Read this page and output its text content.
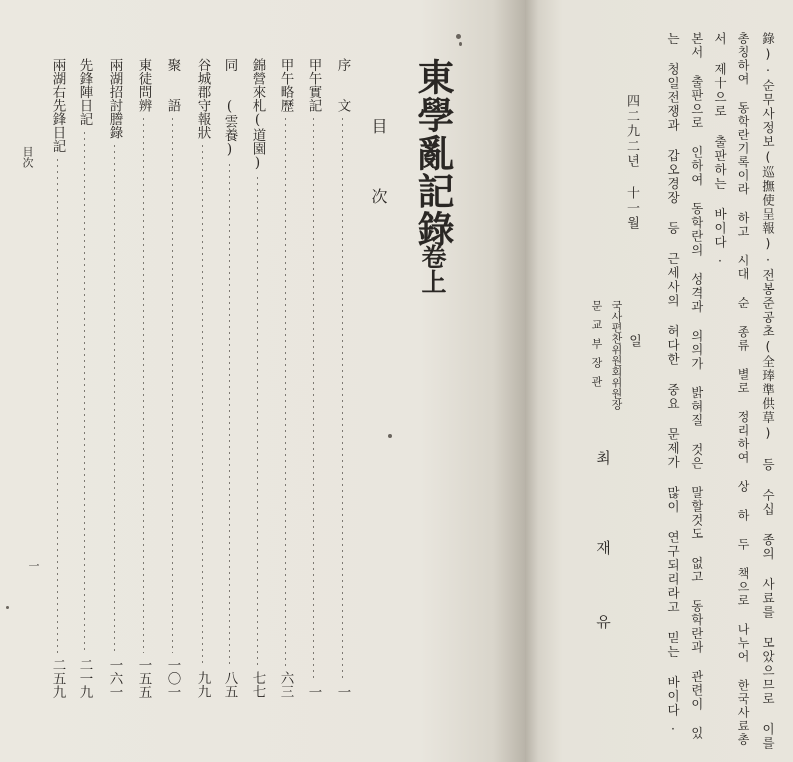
東學亂記錄
卷上
目
次
序　　文
一
甲午實記
一
甲午略歷
六三
錦營來札(道園)
七七
同　　(雲養)
八五
谷城郡守報狀
九九
聚　　語
一〇一
東徒問辨
一五五
兩湖招討謄錄
一六一
先鋒陣日記
二一九
兩湖右先鋒日記
二五九
目次
一	錄)·순무사정보(巡撫使呈報)·전봉준공초(全琫準供草) 등 수십 종의 사료를 모았으므로 이를
총칭하여 동학란기록이라 하고 시대 순 종류 별로 정리하여 상 하 두 책으로 나누어 한국사료총
서 제十으로 출판하는 바이다.
본서 출판으로 인하여 동학란의 성격과 의의가 밝혀질 것은 말할것도 없고 동학란과 관련이 있
는 청일전쟁과 갑오경장 등 근세사의 허다한 중요 문제가 많이 연구되리라고 믿는 바이다.
四二九二년 十一월
일
국사편찬위원회위원장
문교부장관
최
재
유
